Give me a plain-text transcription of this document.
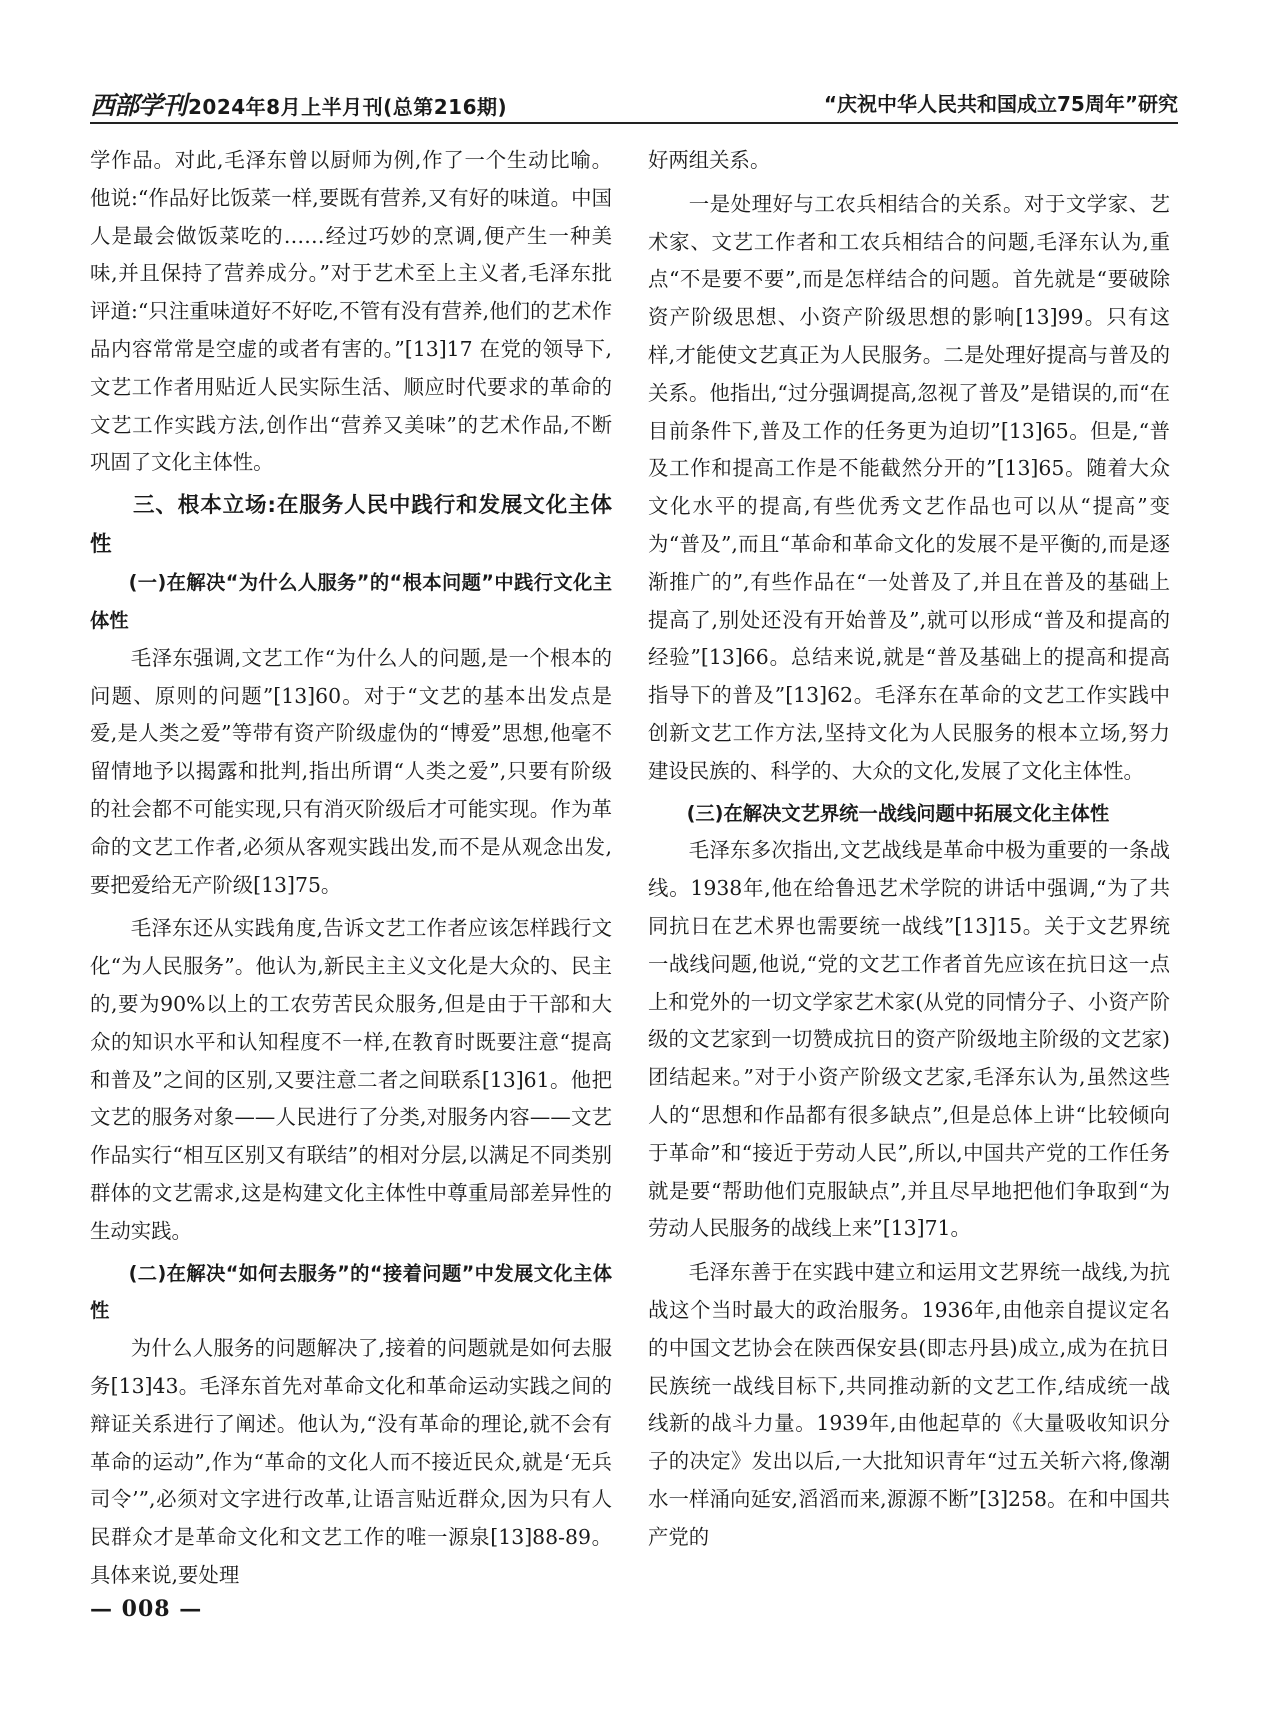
西部学刊 2024年8月上半月刊(总第216期)	“庆祝中华人民共和国成立75周年”研究

学作品。对此,毛泽东曾以厨师为例,作了一个生动比喻。他说:“作品好比饭菜一样,要既有营养,又有好的味道。中国人是最会做饭菜吃的……经过巧妙的烹调,便产生一种美味,并且保持了营养成分。”对于艺术至上主义者,毛泽东批评道:“只注重味道好不好吃,不管有没有营养,他们的艺术作品内容常常是空虚的或者有害的。”[13]17 在党的领导下,文艺工作者用贴近人民实际生活、顺应时代要求的革命的文艺工作实践方法,创作出“营养又美味”的艺术作品,不断巩固了文化主体性。

三、根本立场:在服务人民中践行和发展文化主体性
(一)在解决“为什么人服务”的“根本问题”中践行文化主体性

毛泽东强调,文艺工作“为什么人的问题,是一个根本的问题、原则的问题”[13]60。对于“文艺的基本出发点是爱,是人类之爱”等带有资产阶级虚伪的“博爱”思想,他毫不留情地予以揭露和批判,指出所谓“人类之爱”,只要有阶级的社会都不可能实现,只有消灭阶级后才可能实现。作为革命的文艺工作者,必须从客观实践出发,而不是从观念出发,要把爱给无产阶级[13]75。

毛泽东还从实践角度,告诉文艺工作者应该怎样践行文化“为人民服务”。他认为,新民主主义文化是大众的、民主的,要为90%以上的工农劳苦民众服务,但是由于干部和大众的知识水平和认知程度不一样,在教育时既要注意“提高和普及”之间的区别,又要注意二者之间联系[13]61。他把文艺的服务对象——人民进行了分类,对服务内容——文艺作品实行“相互区别又有联结”的相对分层,以满足不同类别群体的文艺需求,这是构建文化主体性中尊重局部差异性的生动实践。

(二)在解决“如何去服务”的“接着问题”中发展文化主体性

为什么人服务的问题解决了,接着的问题就是如何去服务[13]43。毛泽东首先对革命文化和革命运动实践之间的辩证关系进行了阐述。他认为,“没有革命的理论,就不会有革命的运动”,作为“革命的文化人而不接近民众,就是‘无兵司令’”,必须对文字进行改革,让语言贴近群众,因为只有人民群众才是革命文化和文艺工作的唯一源泉[13]88-89。具体来说,要处理

好两组关系。

一是处理好与工农兵相结合的关系。对于文学家、艺术家、文艺工作者和工农兵相结合的问题,毛泽东认为,重点“不是要不要”,而是怎样结合的问题。首先就是“要破除资产阶级思想、小资产阶级思想的影响[13]99。只有这样,才能使文艺真正为人民服务。二是处理好提高与普及的关系。他指出,“过分强调提高,忽视了普及”是错误的,而“在目前条件下,普及工作的任务更为迫切”[13]65。但是,“普及工作和提高工作是不能截然分开的”[13]65。随着大众文化水平的提高,有些优秀文艺作品也可以从“提高”变为“普及”,而且“革命和革命文化的发展不是平衡的,而是逐渐推广的”,有些作品在“一处普及了,并且在普及的基础上提高了,别处还没有开始普及”,就可以形成“普及和提高的经验”[13]66。总结来说,就是“普及基础上的提高和提高指导下的普及”[13]62。毛泽东在革命的文艺工作实践中创新文艺工作方法,坚持文化为人民服务的根本立场,努力建设民族的、科学的、大众的文化,发展了文化主体性。

(三)在解决文艺界统一战线问题中拓展文化主体性

毛泽东多次指出,文艺战线是革命中极为重要的一条战线。1938年,他在给鲁迅艺术学院的讲话中强调,“为了共同抗日在艺术界也需要统一战线”[13]15。关于文艺界统一战线问题,他说,“党的文艺工作者首先应该在抗日这一点上和党外的一切文学家艺术家(从党的同情分子、小资产阶级的文艺家到一切赞成抗日的资产阶级地主阶级的文艺家)团结起来。”对于小资产阶级文艺家,毛泽东认为,虽然这些人的“思想和作品都有很多缺点”,但是总体上讲“比较倾向于革命”和“接近于劳动人民”,所以,中国共产党的工作任务就是要“帮助他们克服缺点”,并且尽早地把他们争取到“为劳动人民服务的战线上来”[13]71。

毛泽东善于在实践中建立和运用文艺界统一战线,为抗战这个当时最大的政治服务。1936年,由他亲自提议定名的中国文艺协会在陕西保安县(即志丹县)成立,成为在抗日民族统一战线目标下,共同推动新的文艺工作,结成统一战线新的战斗力量。1939年,由他起草的《大量吸收知识分子的决定》发出以后,一大批知识青年“过五关斩六将,像潮水一样涌向延安,滔滔而来,源源不断”[3]258。在和中国共产党的

— 008 —
